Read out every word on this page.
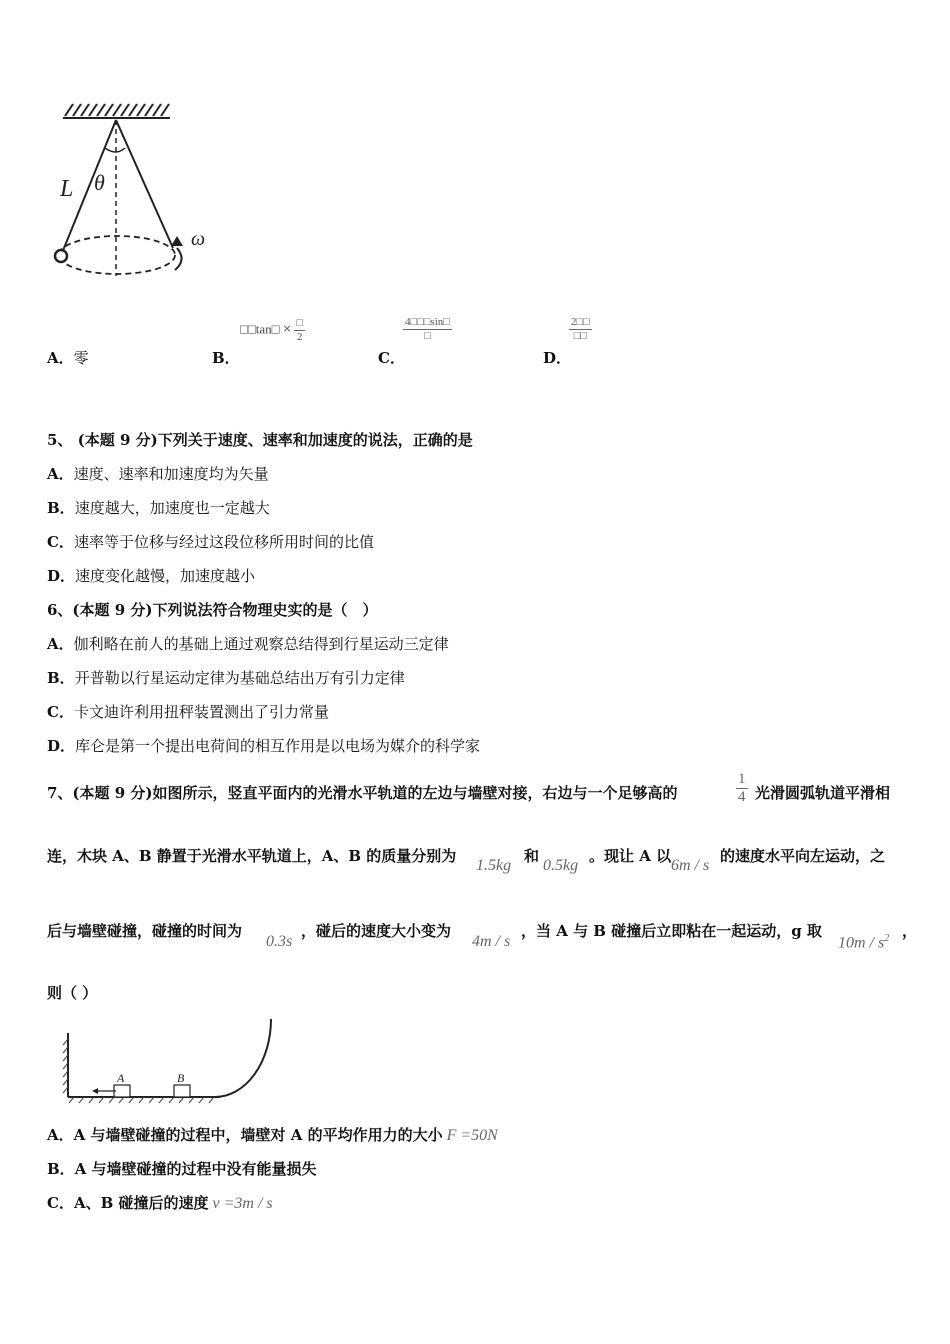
L θ
ω
A．零	B．
□□tan□ × $\frac{□}{2}$
C．
$\frac{4□□□\sin□}{□}$
D．
$\frac{2□□}{□□}$
5、 (本题 9 分)下列关于速度、速率和加速度的说法，正确的是
A．速度、速率和加速度均为矢量
B．速度越大，加速度也一定越大
C．速率等于位移与经过这段位移所用时间的比值
D．速度变化越慢，加速度越小
6、(本题 9 分)下列说法符合物理史实的是（　）
A．伽利略在前人的基础上通过观察总结得到行星运动三定律
B．开普勒以行星运动定律为基础总结出万有引力定律
C．卡文迪许利用扭秤装置测出了引力常量
D．库仑是第一个提出电荷间的相互作用是以电场为媒介的科学家
7、(本题 9 分)如图所示，竖直平面内的光滑水平轨道的左边与墙壁对接，右边与一个足够高的	$\frac{1}{4}$ 光滑圆弧轨道平滑相
连，木块 A、B 静置于光滑水平轨道上，A、B 的质量分别为
1.5kg
和
0.5kg
。现让 A 以
6m / s
的速度水平向左运动，之
后与墙壁碰撞，碰撞的时间为
0.3s
，碰后的速度大小变为
4m / s
，当 A 与 B 碰撞后立即粘在一起运动，g 取
$10m / s^2$ ，
则（ ）
A	B
A．A 与墙壁碰撞的过程中，墙壁对 A 的平均作用力的大小 F =50N
B．A 与墙壁碰撞的过程中没有能量损失
C．A、B 碰撞后的速度 v =3m / s
